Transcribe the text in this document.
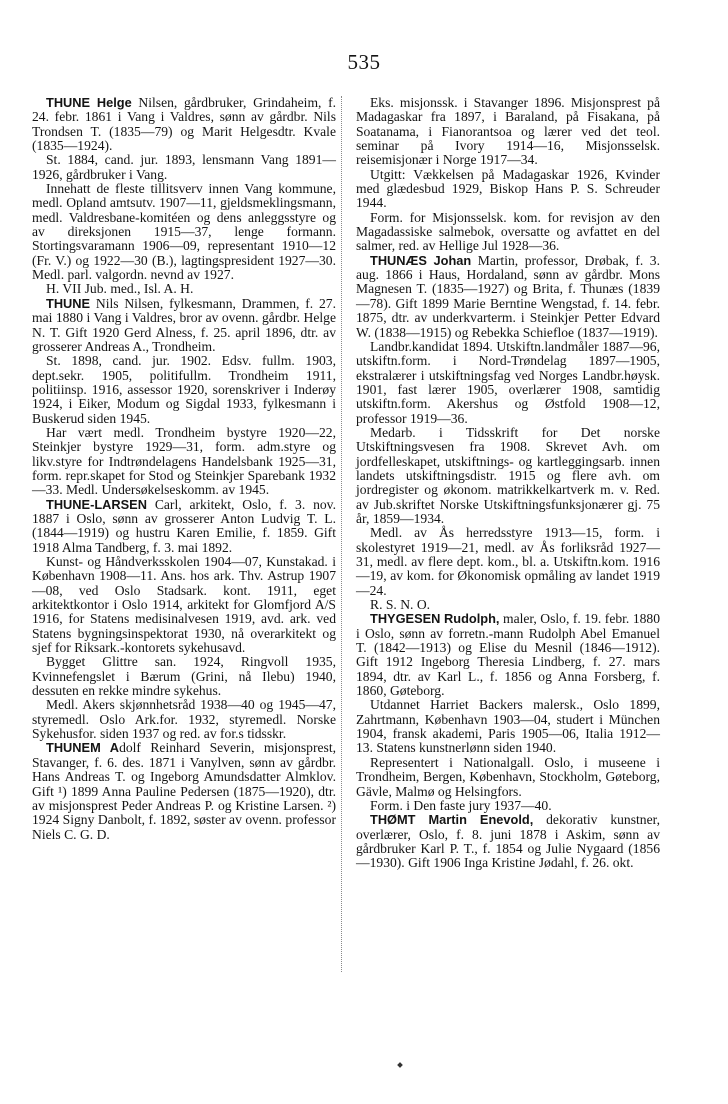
535

THUNE Helge Nilsen, gårdbruker, Grindaheim, f. 24. febr. 1861 i Vang i Valdres, sønn av gårdbr. Nils Trondsen T. (1835—79) og Marit Helgesdtr. Kvale (1835—1924).

St. 1884, cand. jur. 1893, lensmann Vang 1891—1926, gårdbruker i Vang.

Innehatt de fleste tillitsverv innen Vang kommune, medl. Opland amtsutv. 1907—11, gjeldsmeklingsmann, medl. Valdresbane-komitéen og dens anleggsstyre og av direksjonen 1915—37, lenge formann. Stortingsvaramann 1906—09, representant 1910—12 (Fr. V.) og 1922—30 (B.), lagtingspresident 1927—30. Medl. parl. valgordn. nevnd av 1927.

H. VII Jub. med., Isl. A. H.

THUNE Nils Nilsen, fylkesmann, Drammen, f. 27. mai 1880 i Vang i Valdres, bror av ovenn. gårdbr. Helge N. T. Gift 1920 Gerd Alness, f. 25. april 1896, dtr. av grosserer Andreas A., Trondheim.

St. 1898, cand. jur. 1902. Edsv. fullm. 1903, dept.sekr. 1905, politifullm. Trondheim 1911, politiinsp. 1916, assessor 1920, sorenskriver i Inderøy 1924, i Eiker, Modum og Sigdal 1933, fylkesmann i Buskerud siden 1945.

Har vært medl. Trondheim bystyre 1920—22, Steinkjer bystyre 1929—31, form. adm.styre og likv.styre for Indtrøndelagens Handelsbank 1925—31, form. repr.skapet for Stod og Steinkjer Sparebank 1932—33. Medl. Undersøkelseskomm. av 1945.

THUNE-LARSEN Carl, arkitekt, Oslo, f. 3. nov. 1887 i Oslo, sønn av grosserer Anton Ludvig T. L. (1844—1919) og hustru Karen Emilie, f. 1859. Gift 1918 Alma Tandberg, f. 3. mai 1892.

Kunst- og Håndverksskolen 1904—07, Kunstakad. i København 1908—11. Ans. hos ark. Thv. Astrup 1907—08, ved Oslo Stadsark. kont. 1911, eget arkitektkontor i Oslo 1914, arkitekt for Glomfjord A/S 1916, for Statens medisinalvesen 1919, avd. ark. ved Statens bygningsinspektorat 1930, nå overarkitekt og sjef for Riksark.-kontorets sykehusavd.

Bygget Glittre san. 1924, Ringvoll 1935, Kvinnefengslet i Bærum (Grini, nå Ilebu) 1940, dessuten en rekke mindre sykehus.

Medl. Akers skjønnhetsråd 1938—40 og 1945—47, styremedl. Oslo Ark.for. 1932, styremedl. Norske Sykehusfor. siden 1937 og red. av for.s tidsskr.

THUNEM Adolf Reinhard Severin, misjonsprest, Stavanger, f. 6. des. 1871 i Vanylven, sønn av gårdbr. Hans Andreas T. og Ingeborg Amundsdatter Almklov. Gift ¹) 1899 Anna Pauline Pedersen (1875—1920), dtr. av misjonsprest Peder Andreas P. og Kristine Larsen. ²) 1924 Signy Danbolt, f. 1892, søster av ovenn. professor Niels C. G. D.

Eks. misjonssk. i Stavanger 1896. Misjonsprest på Madagaskar fra 1897, i Baraland, på Fisakana, på Soatanama, i Fianorantsoa og lærer ved det teol. seminar på Ivory 1914—16, Misjonsselsk. reisemisjonær i Norge 1917—34.

Utgitt: Vækkelsen på Madagaskar 1926, Kvinder med glædesbud 1929, Biskop Hans P. S. Schreuder 1944.

Form. for Misjonsselsk. kom. for revisjon av den Magadassiske salmebok, oversatte og avfattet en del salmer, red. av Hellige Jul 1928—36.

THUNÆS Johan Martin, professor, Drøbak, f. 3. aug. 1866 i Haus, Hordaland, sønn av gårdbr. Mons Magnesen T. (1835—1927) og Brita, f. Thunæs (1839—78). Gift 1899 Marie Berntine Wengstad, f. 14. febr. 1875, dtr. av underkvarterm. i Steinkjer Petter Edvard W. (1838—1915) og Rebekka Schiefloe (1837—1919).

Landbr.kandidat 1894. Utskiftn.landmåler 1887—96, utskiftn.form. i Nord-Trøndelag 1897—1905, ekstralærer i utskiftningsfag ved Norges Landbr.høysk. 1901, fast lærer 1905, overlærer 1908, samtidig utskiftn.form. Akershus og Østfold 1908—12, professor 1919—36.

Medarb. i Tidsskrift for Det norske Utskiftningsvesen fra 1908. Skrevet Avh. om jordfelleskapet, utskiftnings- og kartleggingsarb. innen landets utskiftningsdistr. 1915 og flere avh. om jordregister og økonom. matrikkelkartverk m. v. Red. av Jub.skriftet Norske Utskiftningsfunksjonærer gj. 75 år, 1859—1934.

Medl. av Ås herredsstyre 1913—15, form. i skolestyret 1919—21, medl. av Ås forliksråd 1927—31, medl. av flere dept. kom., bl. a. Utskiftn.kom. 1916—19, av kom. for Økonomisk opmåling av landet 1919—24.

R. S. N. O.

THYGESEN Rudolph, maler, Oslo, f. 19. febr. 1880 i Oslo, sønn av forretn.-mann Rudolph Abel Emanuel T. (1842—1913) og Elise du Mesnil (1846—1912). Gift 1912 Ingeborg Theresia Lindberg, f. 27. mars 1894, dtr. av Karl L., f. 1856 og Anna Forsberg, f. 1860, Gøteborg.

Utdannet Harriet Backers malersk., Oslo 1899, Zahrtmann, København 1903—04, studert i München 1904, fransk akademi, Paris 1905—06, Italia 1912—13. Statens kunstnerlønn siden 1940.

Representert i Nationalgall. Oslo, i museene i Trondheim, Bergen, København, Stockholm, Gøteborg, Gävle, Malmø og Helsingfors.

Form. i Den faste jury 1937—40.

THØMT Martin Enevold, dekorativ kunstner, overlærer, Oslo, f. 8. juni 1878 i Askim, sønn av gårdbruker Karl P. T., f. 1854 og Julie Nygaard (1856—1930). Gift 1906 Inga Kristine Jødahl, f. 26. okt.
